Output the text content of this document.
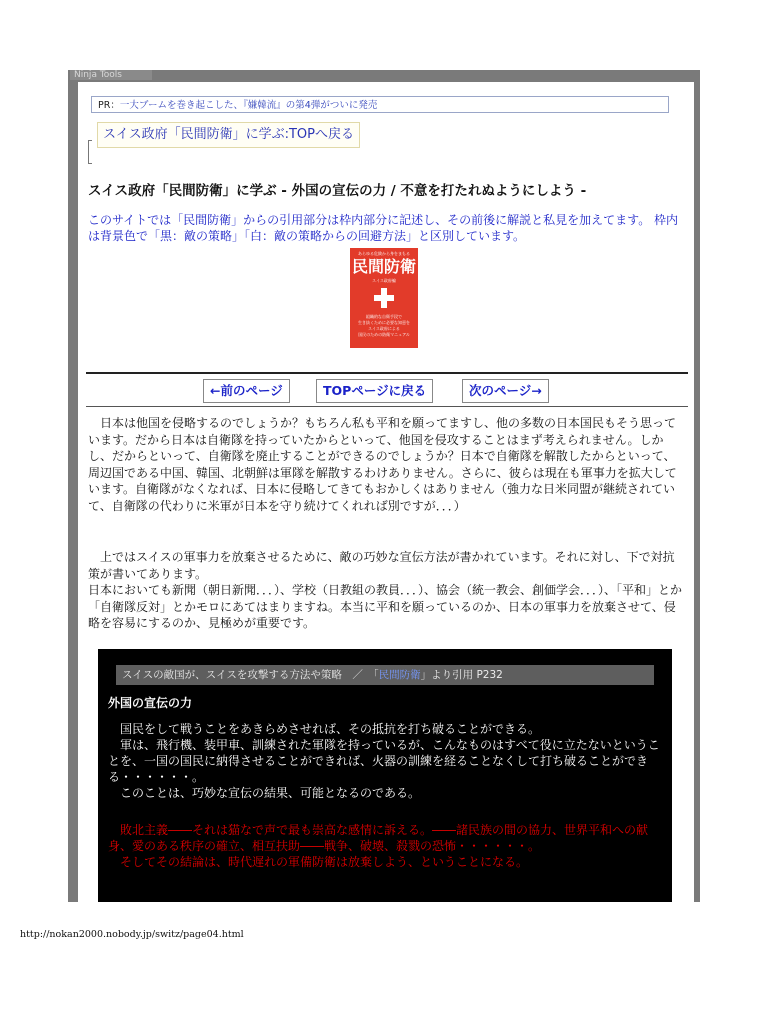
Ninja Tools
PR：一大ブームを巻き起こした、『嫌韓流』の第4弾がついに発売
スイス政府「民間防衛」に学ぶ:TOPへ戻る
スイス政府「民間防衛」に学ぶ - 外国の宣伝の力 / 不意を打たれぬようにしよう -
このサイトでは「民間防衛」からの引用部分は枠内部分に記述し、その前後に解説と私見を加えてます。 枠内は背景色で「黒：敵の策略」「白：敵の策略からの回避方法」と区別しています。
あらゆる危険から身をまもる
民間防衛
スイス政府編
組織的な自衛手段で
生き抜くために必要な知恵を
スイス政府による
国民のための防衛マニュアル
←前のページ	TOPページに戻る	次のページ→
　日本は他国を侵略するのでしょうか？もちろん私も平和を願ってますし、他の多数の日本国民もそう思っています。だから日本は自衛隊を持っていたからといって、他国を侵攻することはまず考えられません。しかし、だからといって、自衛隊を廃止することができるのでしょうか？日本で自衛隊を解散したからといって、周辺国である中国、韓国、北朝鮮は軍隊を解散するわけありません。さらに、彼らは現在も軍事力を拡大しています。自衛隊がなくなれば、日本に侵略してきてもおかしくはありません（強力な日米同盟が継続されていて、自衛隊の代わりに米軍が日本を守り続けてくれれば別ですが．．．）
　上ではスイスの軍事力を放棄させるために、敵の巧妙な宣伝方法が書かれています。それに対し、下で対抗策が書いてあります。
日本においても新聞（朝日新聞．．．）、学校（日教組の教員．．．）、協会（統一教会、創価学会．．．）、「平和」とか「自衛隊反対」とかモロにあてはまりますね。本当に平和を願っているのか、日本の軍事力を放棄させて、侵略を容易にするのか、見極めが重要です。
スイスの敵国が、スイスを攻撃する方法や策略　／　「民間防衛」より引用 P232
外国の宣伝の力
　国民をして戦うことをあきらめさせれば、その抵抗を打ち破ることができる。
　軍は、飛行機、装甲車、訓練された軍隊を持っているが、こんなものはすべて役に立たないということを、一国の国民に納得させることができれば、火器の訓練を経ることなくして打ち破ることができる・・・・・・。
　このことは、巧妙な宣伝の結果、可能となるのである。
　敗北主義――それは猫なで声で最も崇高な感情に訴える。――諸民族の間の協力、世界平和への献身、愛のある秩序の確立、相互扶助――戦争、破壊、殺戮の恐怖・・・・・・。
　そしてその結論は、時代遅れの軍備防衛は放棄しよう、ということになる。
http://nokan2000.nobody.jp/switz/page04.html
